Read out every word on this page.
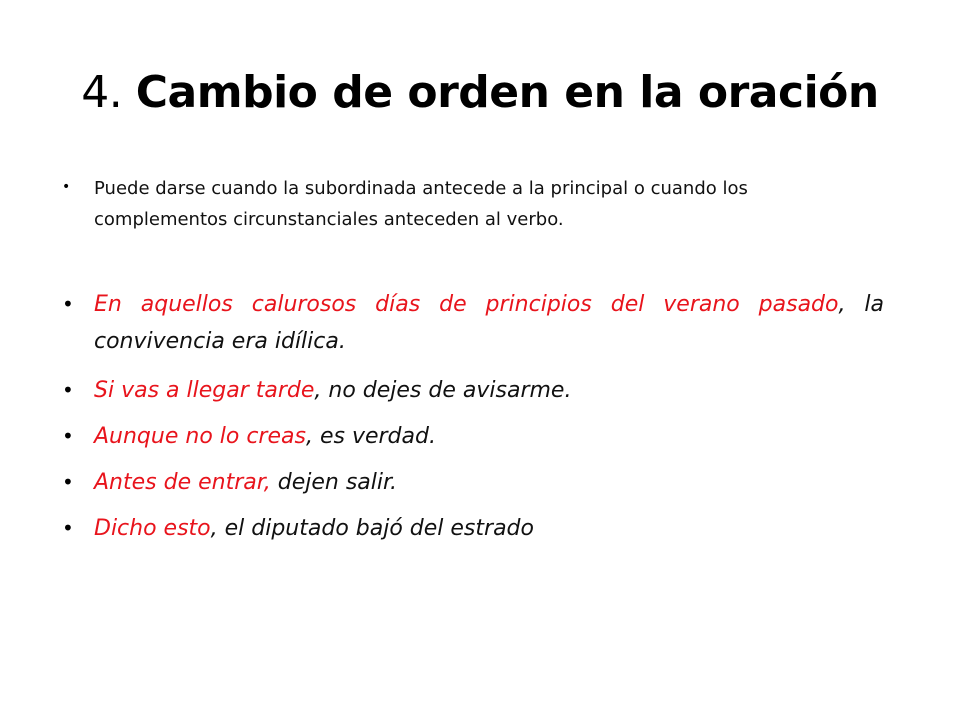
4. Cambio de orden en la oración
•	Puede darse cuando la subordinada antecede a la principal o cuando los complementos circunstanciales anteceden al verbo.
• En aquellos calurosos días de principios del verano pasado, la convivencia era idílica.
• Si vas a llegar tarde, no dejes de avisarme.
• Aunque no lo creas, es verdad.
• Antes de entrar, dejen salir.
• Dicho esto, el diputado bajó del estrado
